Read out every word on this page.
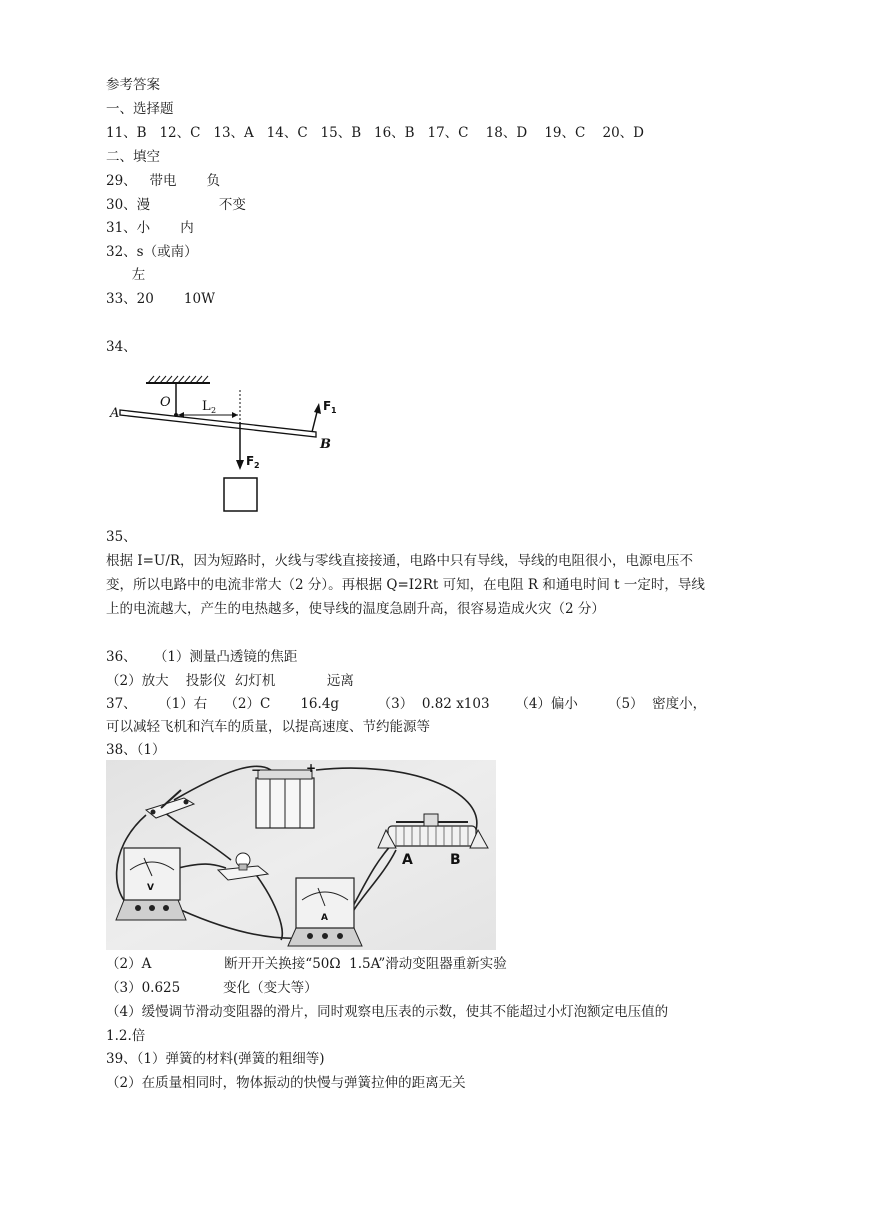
参考答案
一、选择题
11、B   12、C   13、A   14、C   15、B   16、B   17、C    18、D    19、C    20、D
二、填空
29、   带电       负
30、漫                不变
31、小       内
32、s（或南）
左
33、20       10W
34、
A
O L 2	F 1
B
F 2
35、
根据 I=U/R，因为短路时，火线与零线直接接通，电路中只有导线，导线的电阻很小，电源电压不
变，所以电路中的电流非常大（2 分）。再根据 Q=I2Rt 可知，在电阻 R 和通电时间 t 一定时，导线
上的电流越大，产生的电热越多，使导线的温度急剧升高，很容易造成火灾（2 分）
36、    （1）测量凸透镜的焦距
（2）放大    投影仪  幻灯机            远离
37、     （1）右    （2）C       16.4g         （3）  0.82 x103      （4）偏小       （5）  密度小，
可以减轻飞机和汽车的质量，以提高速度、节约能源等
38、（1）
−	+
V
A
A	B
（2）A                 断开开关换接“50Ω  1.5A”滑动变阻器重新实验
（3）0.625          变化（变大等）
（4）缓慢调节滑动变阻器的滑片，同时观察电压表的示数，使其不能超过小灯泡额定电压值的
1.2.倍
39、（1）弹簧的材料(弹簧的粗细等)
（2）在质量相同时，物体振动的快慢与弹簧拉伸的距离无关
